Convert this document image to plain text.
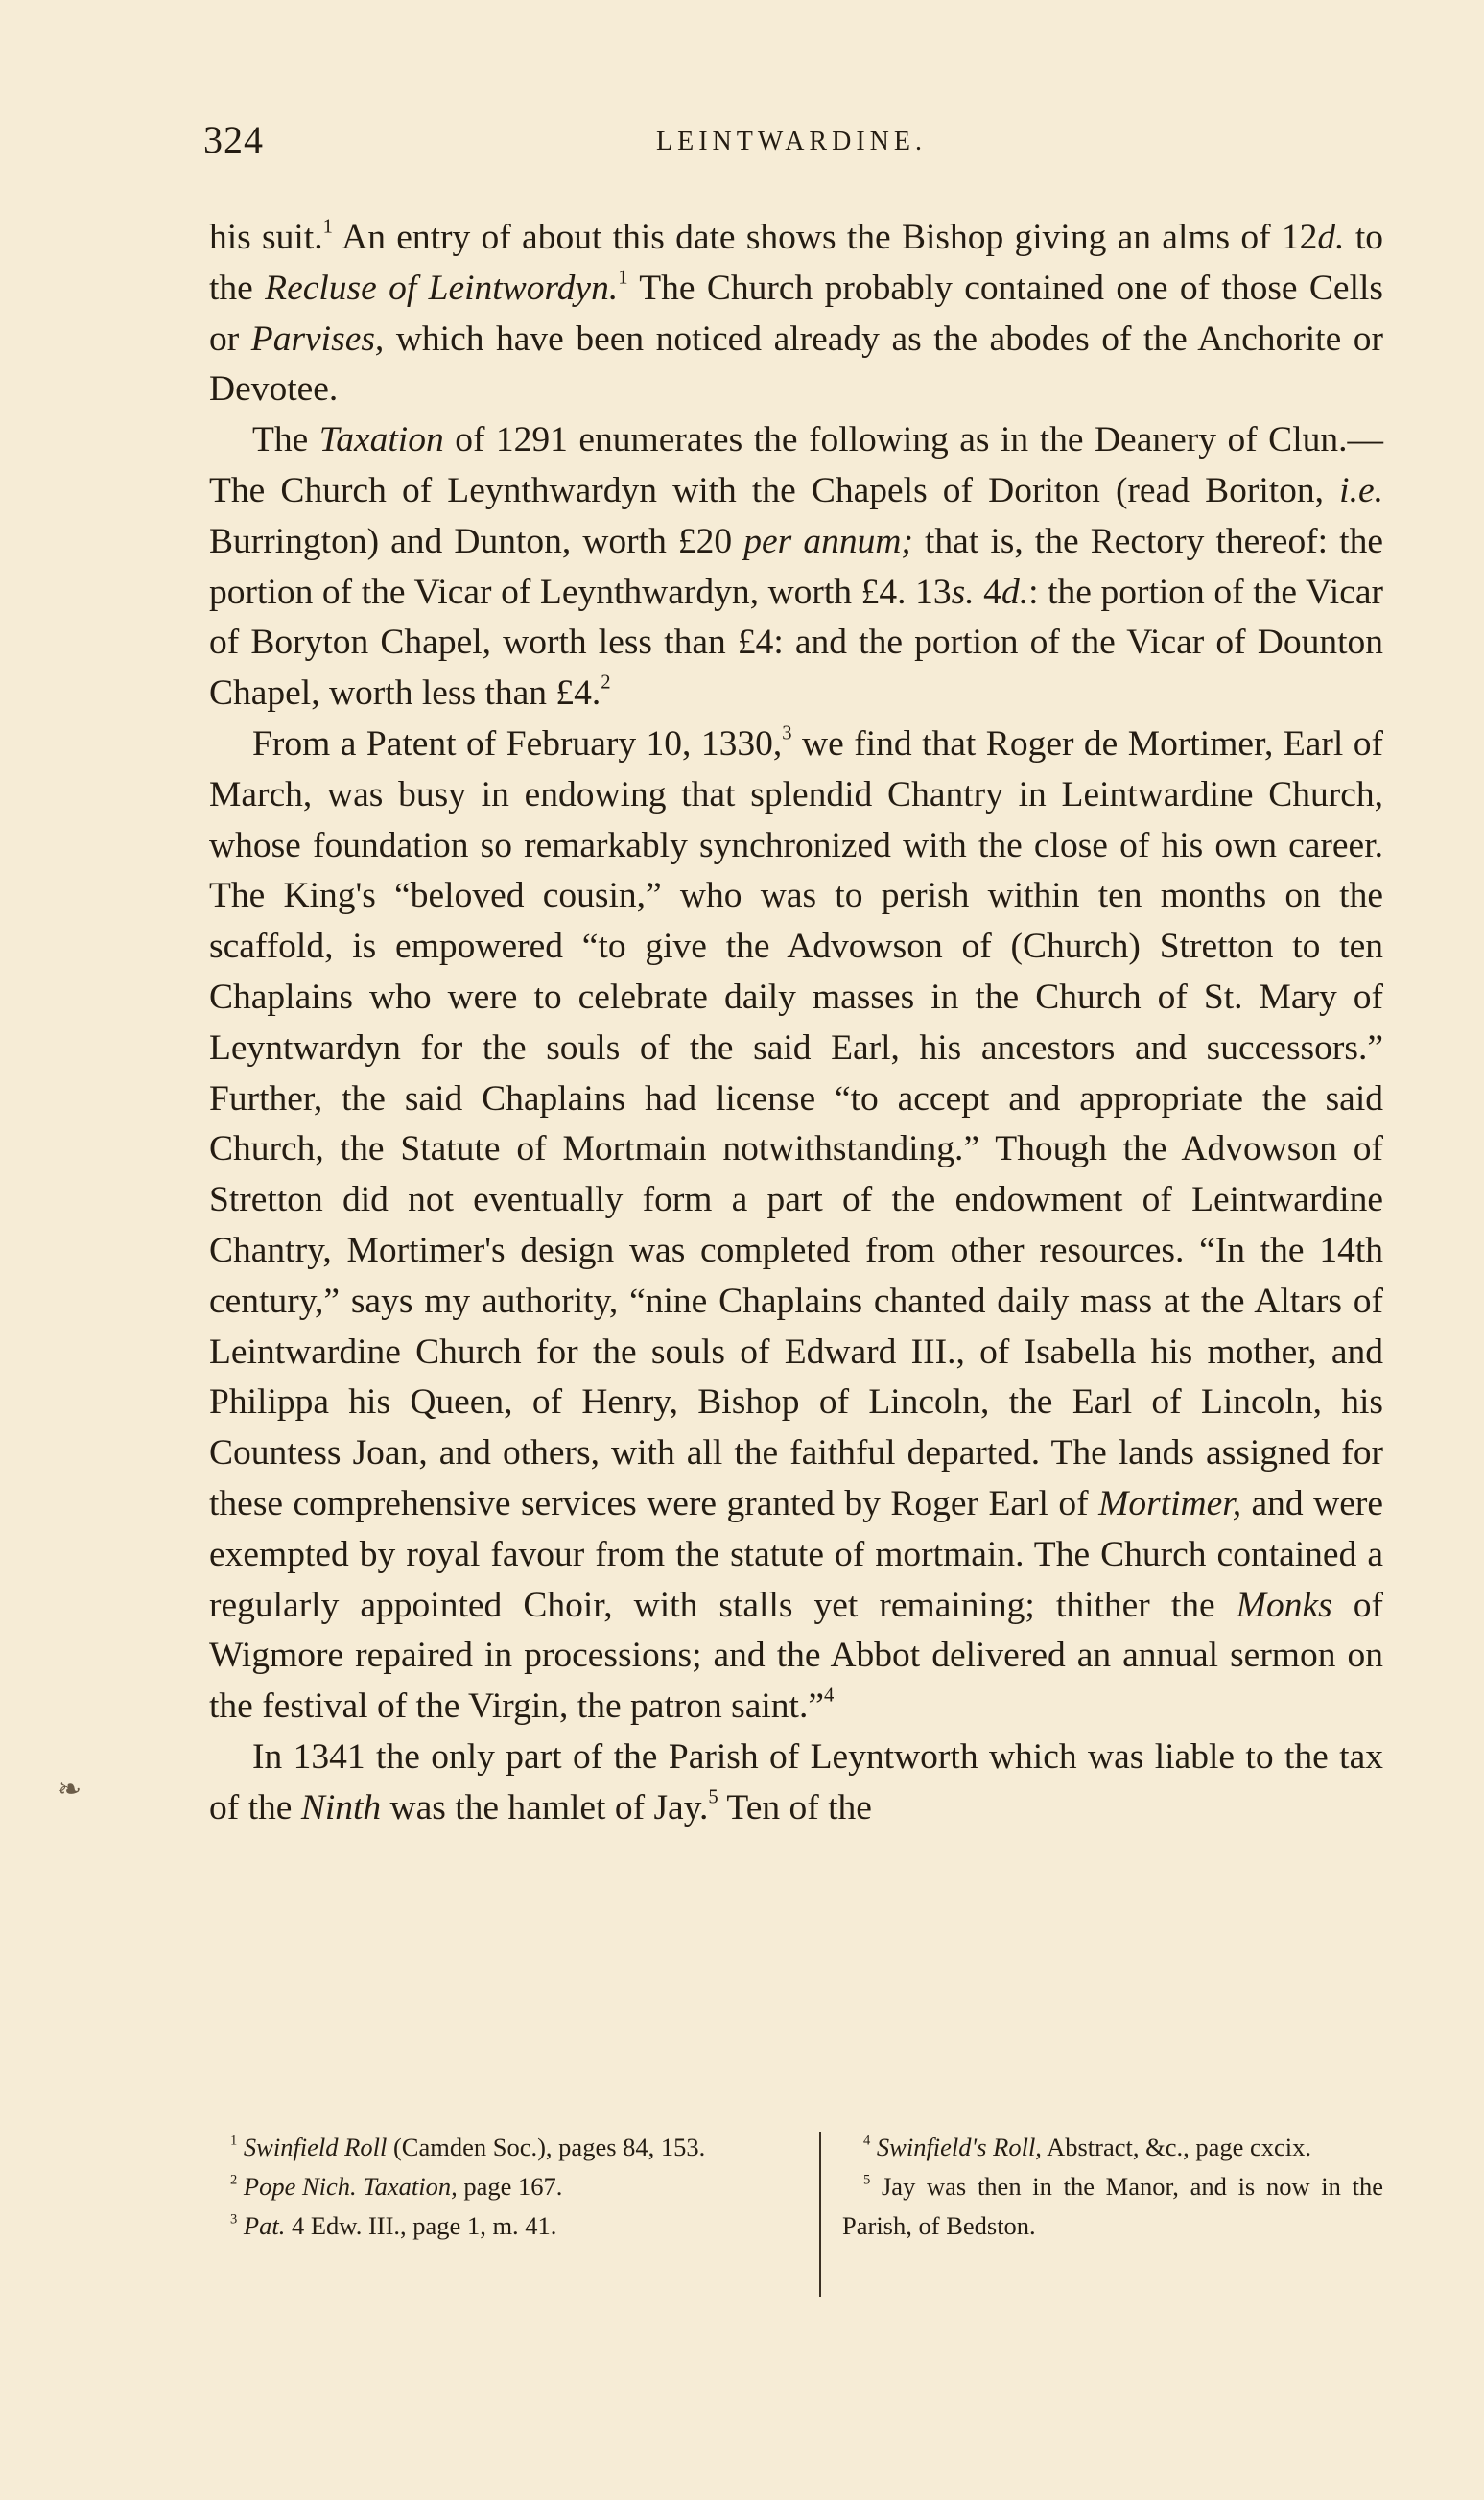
324	LEINTWARDINE.
❧

his suit.$^1$ An entry of about this date shows the Bishop giving an alms of 12d. to the Recluse of Leintwordyn.$^1$ The Church probably contained one of those Cells or Parvises, which have been noticed already as the abodes of the Anchorite or Devotee.

The Taxation of 1291 enumerates the following as in the Deanery of Clun.—The Church of Leynthwardyn with the Chapels of Doriton (read Boriton, i.e. Burrington) and Dunton, worth £20 per annum; that is, the Rectory thereof: the portion of the Vicar of Leynthwardyn, worth £4. 13s. 4d.: the portion of the Vicar of Boryton Chapel, worth less than £4: and the portion of the Vicar of Dounton Chapel, worth less than £4.$^2$

From a Patent of February 10, 1330,$^3$ we find that Roger de Mortimer, Earl of March, was busy in endowing that splendid Chantry in Leintwardine Church, whose foundation so remarkably synchronized with the close of his own career. The King's “beloved cousin,” who was to perish within ten months on the scaffold, is empowered “to give the Advowson of (Church) Stretton to ten Chaplains who were to celebrate daily masses in the Church of St. Mary of Leyntwardyn for the souls of the said Earl, his ancestors and successors.” Further, the said Chaplains had license “to accept and appropriate the said Church, the Statute of Mortmain notwithstanding.” Though the Advowson of Stretton did not eventually form a part of the endowment of Leintwardine Chantry, Mortimer's design was completed from other resources. “In the 14th century,” says my authority, “nine Chaplains chanted daily mass at the Altars of Leintwardine Church for the souls of Edward III., of Isabella his mother, and Philippa his Queen, of Henry, Bishop of Lincoln, the Earl of Lincoln, his Countess Joan, and others, with all the faithful departed. The lands assigned for these comprehensive services were granted by Roger Earl of Mortimer, and were exempted by royal favour from the statute of mortmain. The Church contained a regularly appointed Choir, with stalls yet remaining; thither the Monks of Wigmore repaired in processions; and the Abbot delivered an annual sermon on the festival of the Virgin, the patron saint.”$^4$

In 1341 the only part of the Parish of Leyntworth which was liable to the tax of the Ninth was the hamlet of Jay.$^5$ Ten of the

$^1$ Swinfield Roll (Camden Soc.), pages 84, 153.

$^2$ Pope Nich. Taxation, page 167.

$^3$ Pat. 4 Edw. III., page 1, m. 41.

$^4$ Swinfield's Roll, Abstract, &c., page cxcix.

$^5$ Jay was then in the Manor, and is now in the Parish, of Bedston.
